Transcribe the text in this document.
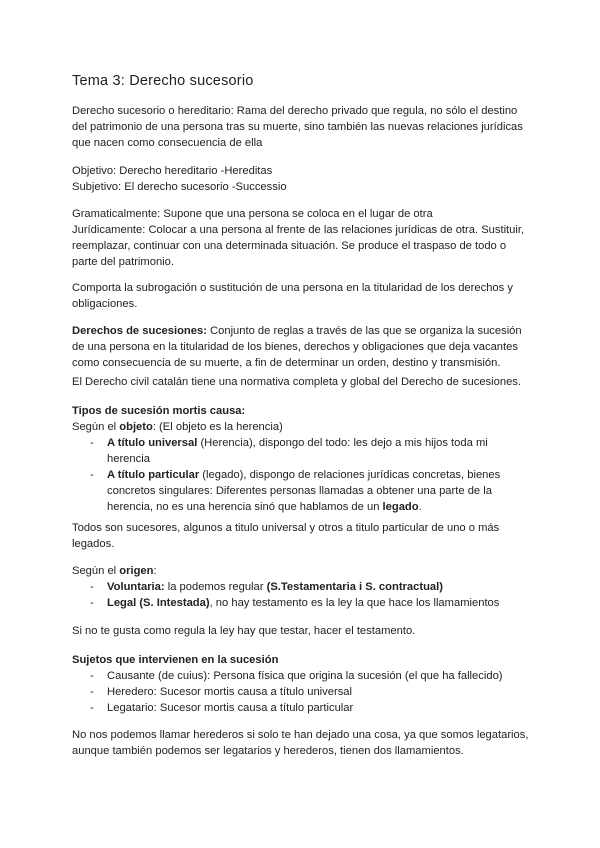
Tema 3: Derecho sucesorio

Derecho sucesorio o hereditario: Rama del derecho privado que regula, no sólo el destino
del patrimonio de una persona tras su muerte, sino también las nuevas relaciones jurídicas
que nacen como consecuencia de ella

Objetivo: Derecho hereditario -Hereditas
Subjetivo: El derecho sucesorio -Successio

Gramaticalmente: Supone que una persona se coloca en el lugar de otra
Jurídicamente: Colocar a una persona al frente de las relaciones jurídicas de otra. Sustituir,
reemplazar, continuar con una determinada situación. Se produce el traspaso de todo o
parte del patrimonio.

Comporta la subrogación o sustitución de una persona en la titularidad de los derechos y
obligaciones.

Derechos de sucesiones: Conjunto de reglas a través de las que se organiza la sucesión
de una persona en la titularidad de los bienes, derechos y obligaciones que deja vacantes
como consecuencia de su muerte, a fin de determinar un orden, destino y transmisión.

El Derecho civil catalán tiene una normativa completa y global del Derecho de sucesiones.

Tipos de sucesión mortis causa:
Según el objeto: (El objeto es la herencia)

- A título universal (Herencia), dispongo del todo: les dejo a mis hijos toda mi
herencia
- A título particular (legado), dispongo de relaciones jurídicas concretas, bienes
concretos singulares: Diferentes personas llamadas a obtener una parte de la
herencia, no es una herencia sinó que hablamos de un legado.

Todos son sucesores, algunos a titulo universal y otros a titulo particular de uno o más
legados.

Según el origen:

- Voluntaria: la podemos regular (S.Testamentaria i S. contractual)
- Legal (S. Intestada), no hay testamento es la ley la que hace los llamamientos

Si no te gusta como regula la ley hay que testar, hacer el testamento.

Sujetos que intervienen en la sucesión

- Causante (de cuius): Persona física que origina la sucesión (el que ha fallecido)
- Heredero: Sucesor mortis causa a título universal
- Legatario: Sucesor mortis causa a título particular

No nos podemos llamar herederos si solo te han dejado una cosa, ya que somos legatarios,
aunque también podemos ser legatarios y herederos, tienen dos llamamientos.
